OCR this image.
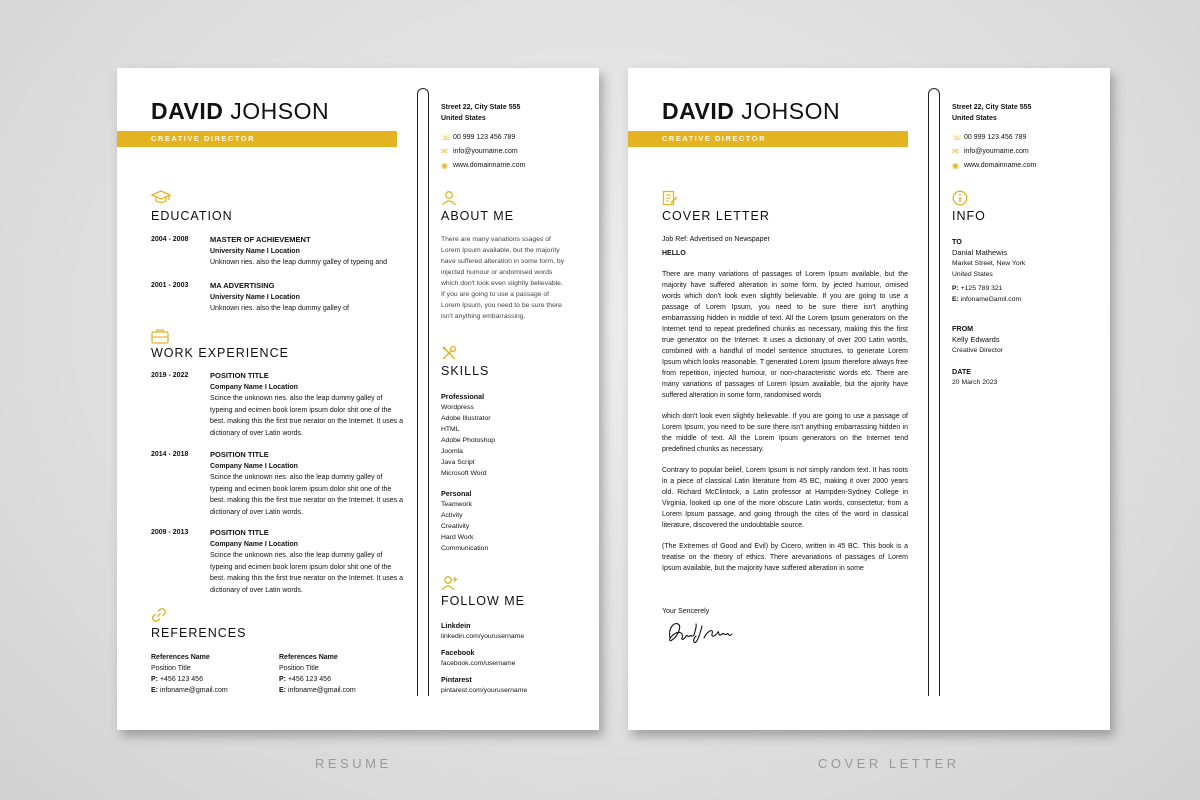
DAVID JOHSON
CREATIVE DIRECTOR
Street 22, City State 555
United States
☏ 00 999 123 456 789
✉ info@yourname.com
◉ www.domainname.com
EDUCATION
2004 - 2008	MASTER OF ACHIEVEMENT
University Name I Location
Unknown ries. also the leap dummy galley of typeing and
2001 - 2003	MA ADVERTISING
University Name I Location
Unknown ries. also the leap dummy galley of
WORK EXPERIENCE
2019 - 2022	POSITION TITLE
Company Name I Location
Scince the unknown ries. also the leap dummy galley of typeing and ecimen book lorem ipsum dolor shit one of the best. making this the first true nerator on the Internet. It uses a dictionary of over Latin words.
2014 - 2018	POSITION TITLE
Company Name I Location
Scince the unknown ries. also the leap dummy galley of typeing and ecimen book lorem ipsum dolor shit one of the best. making this the first true nerator on the Internet. It uses a dictionary of over Latin words.
2009 - 2013	POSITION TITLE
Company Name I Location
Scince the unknown ries. also the leap dummy galley of typeing and ecimen book lorem ipsum dolor shit one of the best. making this the first true nerator on the Internet. It uses a dictionary of over Latin words.
REFERENCES
References Name
Position Title
P: +456 123 456
E: infoname@gmail.com
References Name
Position Title
P: +456 123 456
E: infoname@gmail.com
ABOUT ME
There are many variations ssages of Lorem Ipsum available, but the majority have suffered alteration in some form, by injected humour or andomised words which don't look even slightly believable. If you are going to use a passage of Lorem Ipsum, you need to be sure there isn't anything embarrassing.
SKILLS
Professional
Wordpress
Adobe Illustrator
HTML
Adobe Photoshop
Joomla
Java Script
Microsoft Word
Personal
Teamwork
Activity
Creativity
Hard Work
Communication
FOLLOW ME
Linkdein
linkedin.com/yourusername
Facebook
facebook.com/username
Pintarest
pintarest.com/yourusername
DAVID JOHSON
CREATIVE DIRECTOR
Street 22, City State 555
United States
☏ 00 999 123 456 789
✉ info@yourname.com
◉ www.domainname.com
COVER LETTER
Job Ref: Advertised on Newspaper
HELLO

There are many variations of passages of Lorem Ipsum available, but the majority have suffered alteration in some form, by jected humour, omised words which don't look even slightly believable. If you are going to use a passage of Lorem Ipsum, you need to be sure there isn't anything embarrassing hidden in middle of text. All the Lorem Ipsum generators on the Internet tend to repeat predefined chunks as necessary, making this the first true generator on the Internet. It uses a dictionary of over 200 Latin words, combined with a handful of model sentence structures, to generate Lorem Ipsum which looks reasonable. T generated Lorem Ipsum therefore always free from repetition, injected humour, or non-characteristic words etc. There are many variations of passages of Lorem Ipsum available, but the ajority have suffered alteration in some form, randomised words

which don't look even slightly believable. If you are going to use a passage of Lorem Ipsum, you need to be sure there isn't anything embarrassing hidden in the middle of text. All the Lorem Ipsum generators on the Internet tend predefined chunks as necessary.

Contrary to popular belief, Lorem Ipsum is not simply random text. It has roots in a piece of classical Latin literature from 45 BC, making it over 2000 years old. Richard McClintock, a Latin professor at Hampden-Sydney College in Virginia, looked up one of the more obscure Latin words, consectetur, from a Lorem Ipsum passage, and going through the cites of the word in classical literature, discovered the undoubtable source.

(The Extremes of Good and Evil) by Cicero, written in 45 BC. This book is a treatise on the theory of ethics. There arevariations of passages of Lorem Ipsum available, but the majority have suffered alteration in some

Your Sencerely
INFO
TO
Danial Mathewis
Market Street, New York
United States
P: +125 789 321
E: infonameGamil.com
FROM
Kelly Edwards
Creative Director
DATE
20 March 2023
RESUME	COVER LETTER
